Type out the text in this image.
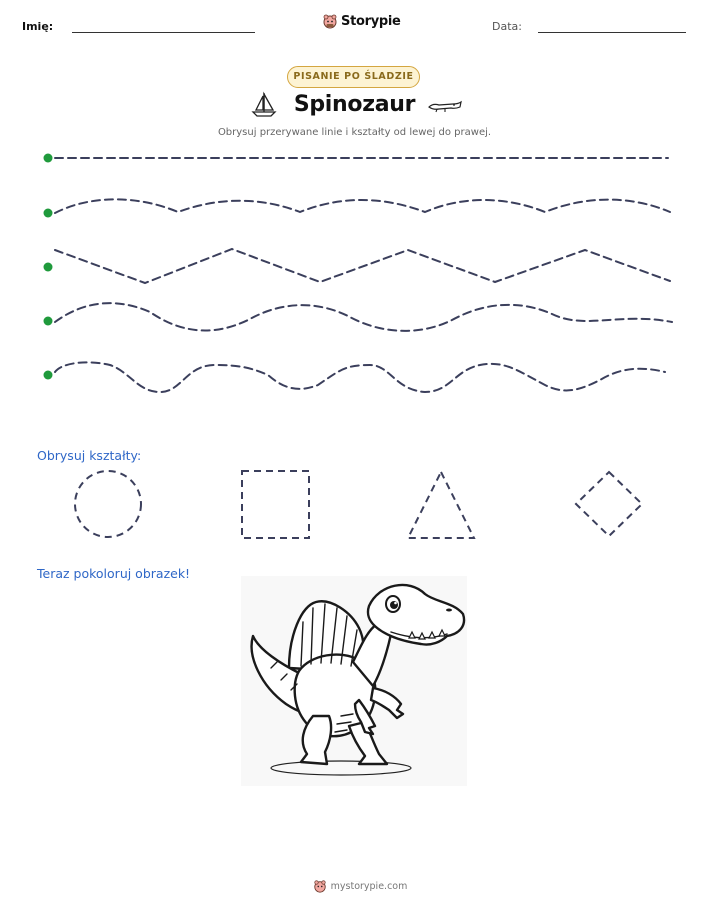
Imię:	Storypie	Data:
PISANIE PO ŚLADZIE
Spinozaur
Obrysuj przerywane linie i kształty od lewej do prawej.
Obrysuj kształty:
Teraz pokoloruj obrazek!
mystorypie.com
